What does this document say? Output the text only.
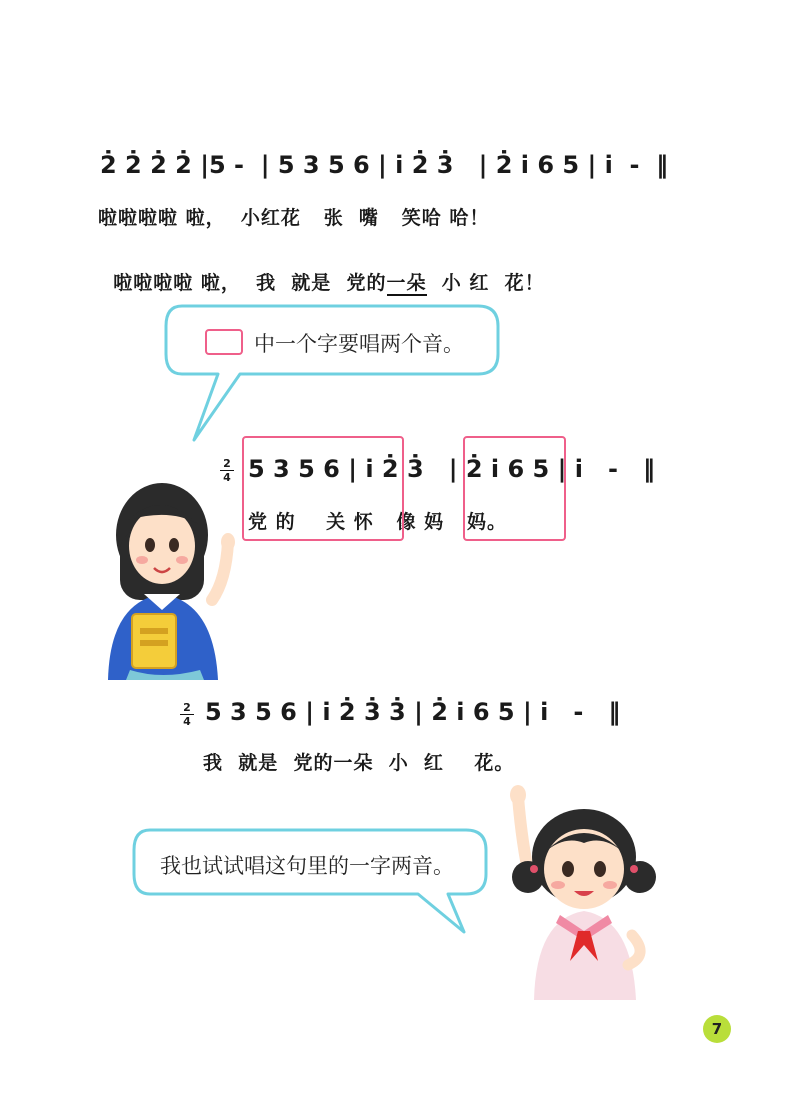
2̇ 2̇ 2̇ 2̇ |5 -  | 5 3 5 6 | i̇ 2̇ 3̇   | 2̇ i̇ 6 5 | i̇  -  ‖
啦啦啦啦 啦，  小红花   张  嘴   笑哈 哈！

啦啦啦啦 啦，  我  就是  党的一朵  小 红  花！

中一个字要唱两个音。
2
4 5 3 5 6 | i̇ 2̇ 3̇   | 2̇ i̇ 6 5 | i̇   -   ‖
党 的    关 怀   像 妈   妈。
2
4 5 3 5 6 | i̇ 2̇ 3̇ 3̇ | 2̇ i̇ 6 5 | i̇   -   ‖
我  就是  党的一朵  小  红    花。
我也试试唱这句里的一字两音。
7
